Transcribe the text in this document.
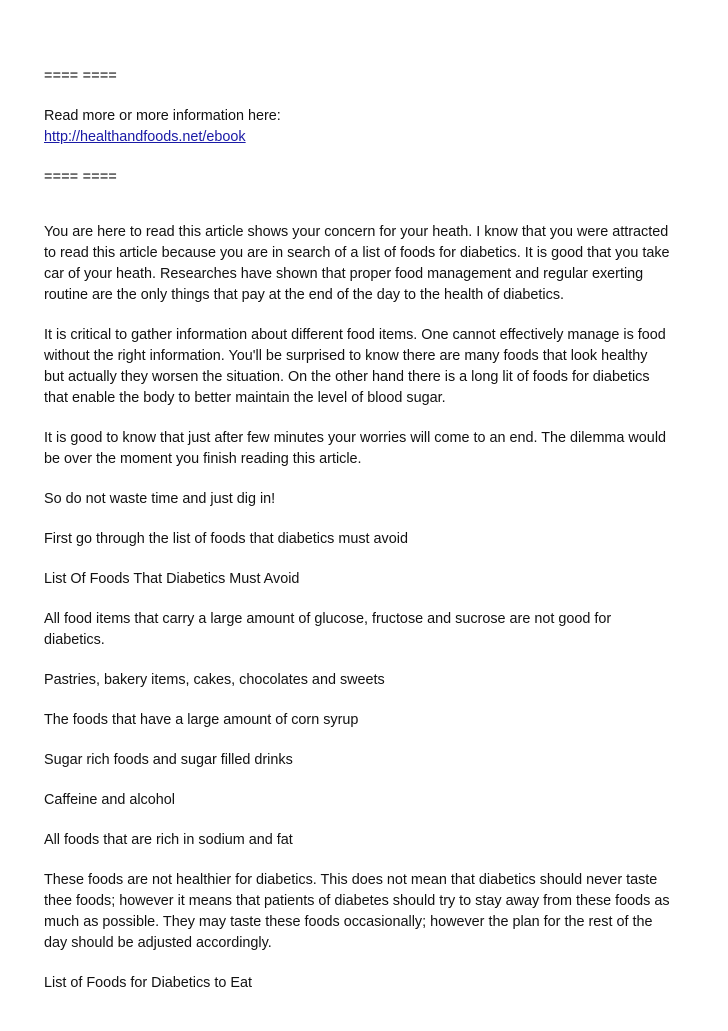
==== ====

Read more or more information here:

http://healthandfoods.net/ebook

==== ====

You are here to read this article shows your concern for your heath. I know that you were attracted

to read this article because you are in search of a list of foods for diabetics. It is good that you take

car of your heath. Researches have shown that proper food management and regular exerting

routine are the only things that pay at the end of the day to the health of diabetics.

It is critical to gather information about different food items. One cannot effectively manage is food

without the right information. You'll be surprised to know there are many foods that look healthy

but actually they worsen the situation. On the other hand there is a long lit of foods for diabetics

that enable the body to better maintain the level of blood sugar.

It is good to know that just after few minutes your worries will come to an end. The dilemma would

be over the moment you finish reading this article.

So do not waste time and just dig in!

First go through the list of foods that diabetics must avoid

List Of Foods That Diabetics Must Avoid

All food items that carry a large amount of glucose, fructose and sucrose are not good for

diabetics.

Pastries, bakery items, cakes, chocolates and sweets

The foods that have a large amount of corn syrup

Sugar rich foods and sugar filled drinks

Caffeine and alcohol

All foods that are rich in sodium and fat

These foods are not healthier for diabetics. This does not mean that diabetics should never taste

thee foods; however it means that patients of diabetes should try to stay away from these foods as

much as possible. They may taste these foods occasionally; however the plan for the rest of the

day should be adjusted accordingly.

List of Foods for Diabetics to Eat
